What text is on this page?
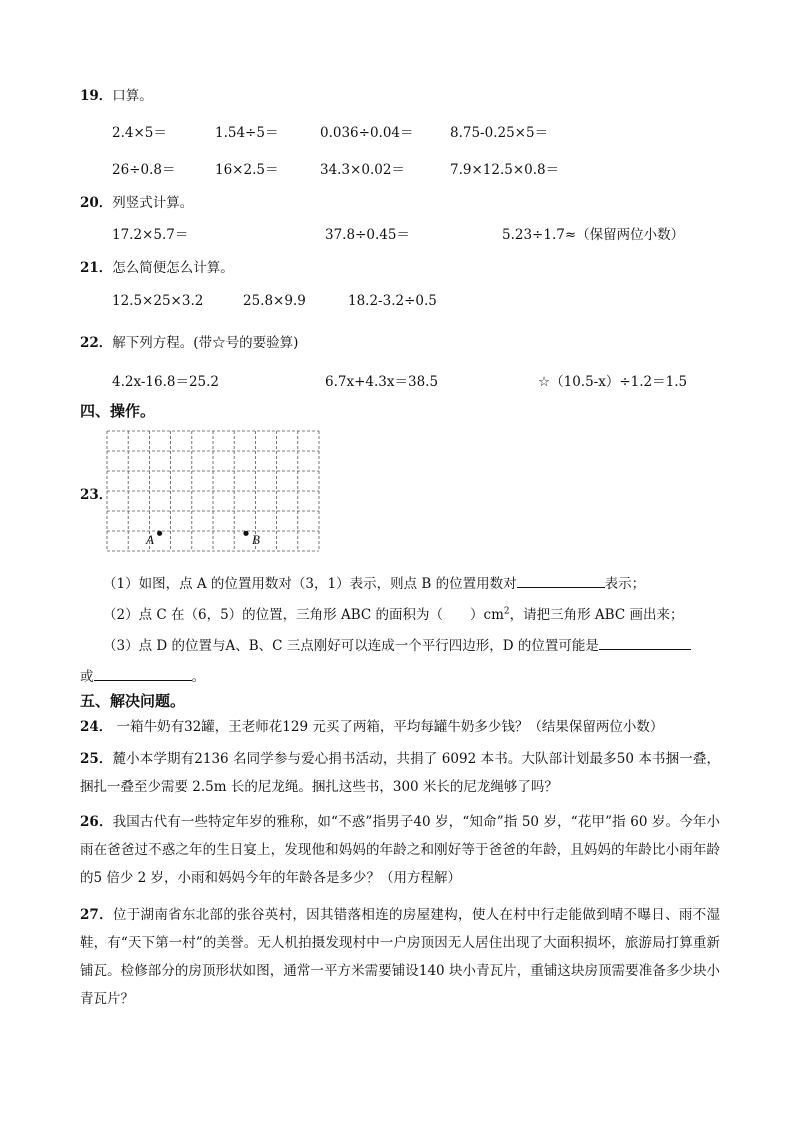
19．口算。
2.4×5＝	1.54÷5＝	0.036÷0.04＝	8.75-0.25×5＝
26÷0.8＝	16×2.5＝	34.3×0.02＝	7.9×12.5×0.8＝
20．列竖式计算。
17.2×5.7＝	37.8÷0.45＝	5.23÷1.7≈（保留两位小数）
21．怎么简便怎么计算。
12.5×25×3.2	25.8×9.9	18.2-3.2÷0.5
22．解下列方程。(带☆号的要验算)
4.2x-16.8＝25.2	6.7x+4.3x＝38.5	☆（10.5-x）÷1.2＝1.5
四、操作。
23．
A	B
（1）如图，点 A 的位置用数对（3，1）表示，则点 B 的位置用数对	表示；
（2）点 C 在（6，5）的位置，三角形 ABC 的面积为（　　）$cm^2$，请把三角形 ABC 画出来；
（3）点 D 的位置与A、B、C 三点刚好可以连成一个平行四边形，D 的位置可能是
或	。
五、解决问题。
24． 一箱牛奶有32罐，王老师花129 元买了两箱，平均每罐牛奶多少钱？（结果保留两位小数）
25．麓小本学期有2136 名同学参与爱心捐书活动，共捐了 6092 本书。大队部计划最多50 本书捆一叠，捆扎一叠至少需要 2.5m 长的尼龙绳。捆扎这些书，300 米长的尼龙绳够了吗？
26．我国古代有一些特定年岁的雅称，如“不惑”指男子40 岁，“知命”指 50 岁，“花甲”指 60 岁。今年小雨在爸爸过不惑之年的生日宴上，发现他和妈妈的年龄之和刚好等于爸爸的年龄，且妈妈的年龄比小雨年龄的5 倍少 2 岁，小雨和妈妈今年的年龄各是多少？（用方程解）
27．位于湖南省东北部的张谷英村，因其错落相连的房屋建构，使人在村中行走能做到晴不曝日、雨不湿鞋，有“天下第一村”的美誉。无人机拍摄发现村中一户房顶因无人居住出现了大面积损坏，旅游局打算重新铺瓦。检修部分的房顶形状如图，通常一平方米需要铺设140 块小青瓦片，重铺这块房顶需要准备多少块小青瓦片？
